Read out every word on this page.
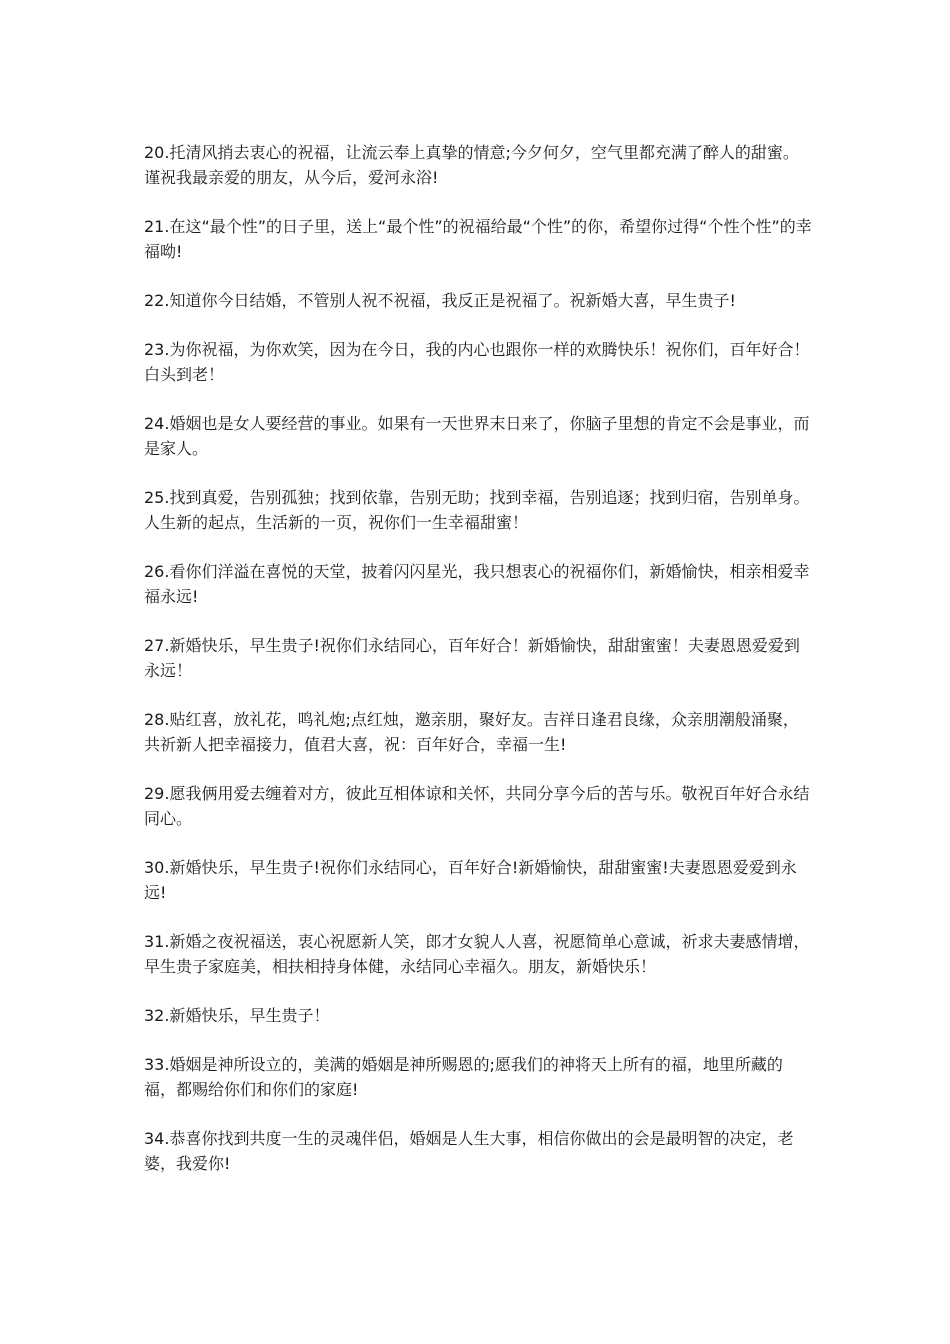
20.托清风捎去衷心的祝福，让流云奉上真挚的情意;今夕何夕，空气里都充满了醉人的甜蜜。谨祝我最亲爱的朋友，从今后，爱河永浴!

21.在这“最个性”的日子里，送上“最个性”的祝福给最“个性”的你，希望你过得“个性个性”的幸福呦!

22.知道你今日结婚，不管别人祝不祝福，我反正是祝福了。祝新婚大喜，早生贵子!

23.为你祝福，为你欢笑，因为在今日，我的内心也跟你一样的欢腾快乐！祝你们，百年好合！白头到老！

24.婚姻也是女人要经营的事业。如果有一天世界末日来了，你脑子里想的肯定不会是事业，而是家人。

25.找到真爱，告别孤独；找到依靠，告别无助；找到幸福，告别追逐；找到归宿，告别单身。人生新的起点，生活新的一页，祝你们一生幸福甜蜜！

26.看你们洋溢在喜悦的天堂，披着闪闪星光，我只想衷心的祝福你们，新婚愉快，相亲相爱幸福永远!

27.新婚快乐，早生贵子!祝你们永结同心，百年好合！新婚愉快，甜甜蜜蜜！夫妻恩恩爱爱到永远！

28.贴红喜，放礼花，鸣礼炮;点红烛，邀亲朋，聚好友。吉祥日逢君良缘，众亲朋潮般涌聚，共祈新人把幸福接力，值君大喜，祝：百年好合，幸福一生!

29.愿我俩用爱去缠着对方，彼此互相体谅和关怀，共同分享今后的苦与乐。敬祝百年好合永结同心。

30.新婚快乐，早生贵子!祝你们永结同心，百年好合!新婚愉快，甜甜蜜蜜!夫妻恩恩爱爱到永远!

31.新婚之夜祝福送，衷心祝愿新人笑，郎才女貌人人喜，祝愿简单心意诚，祈求夫妻感情增，早生贵子家庭美，相扶相持身体健，永结同心幸福久。朋友，新婚快乐！

32.新婚快乐，早生贵子！

33.婚姻是神所设立的，美满的婚姻是神所赐恩的;愿我们的神将天上所有的福，地里所藏的福，都赐给你们和你们的家庭!

34.恭喜你找到共度一生的灵魂伴侣，婚姻是人生大事，相信你做出的会是最明智的决定，老婆，我爱你!
